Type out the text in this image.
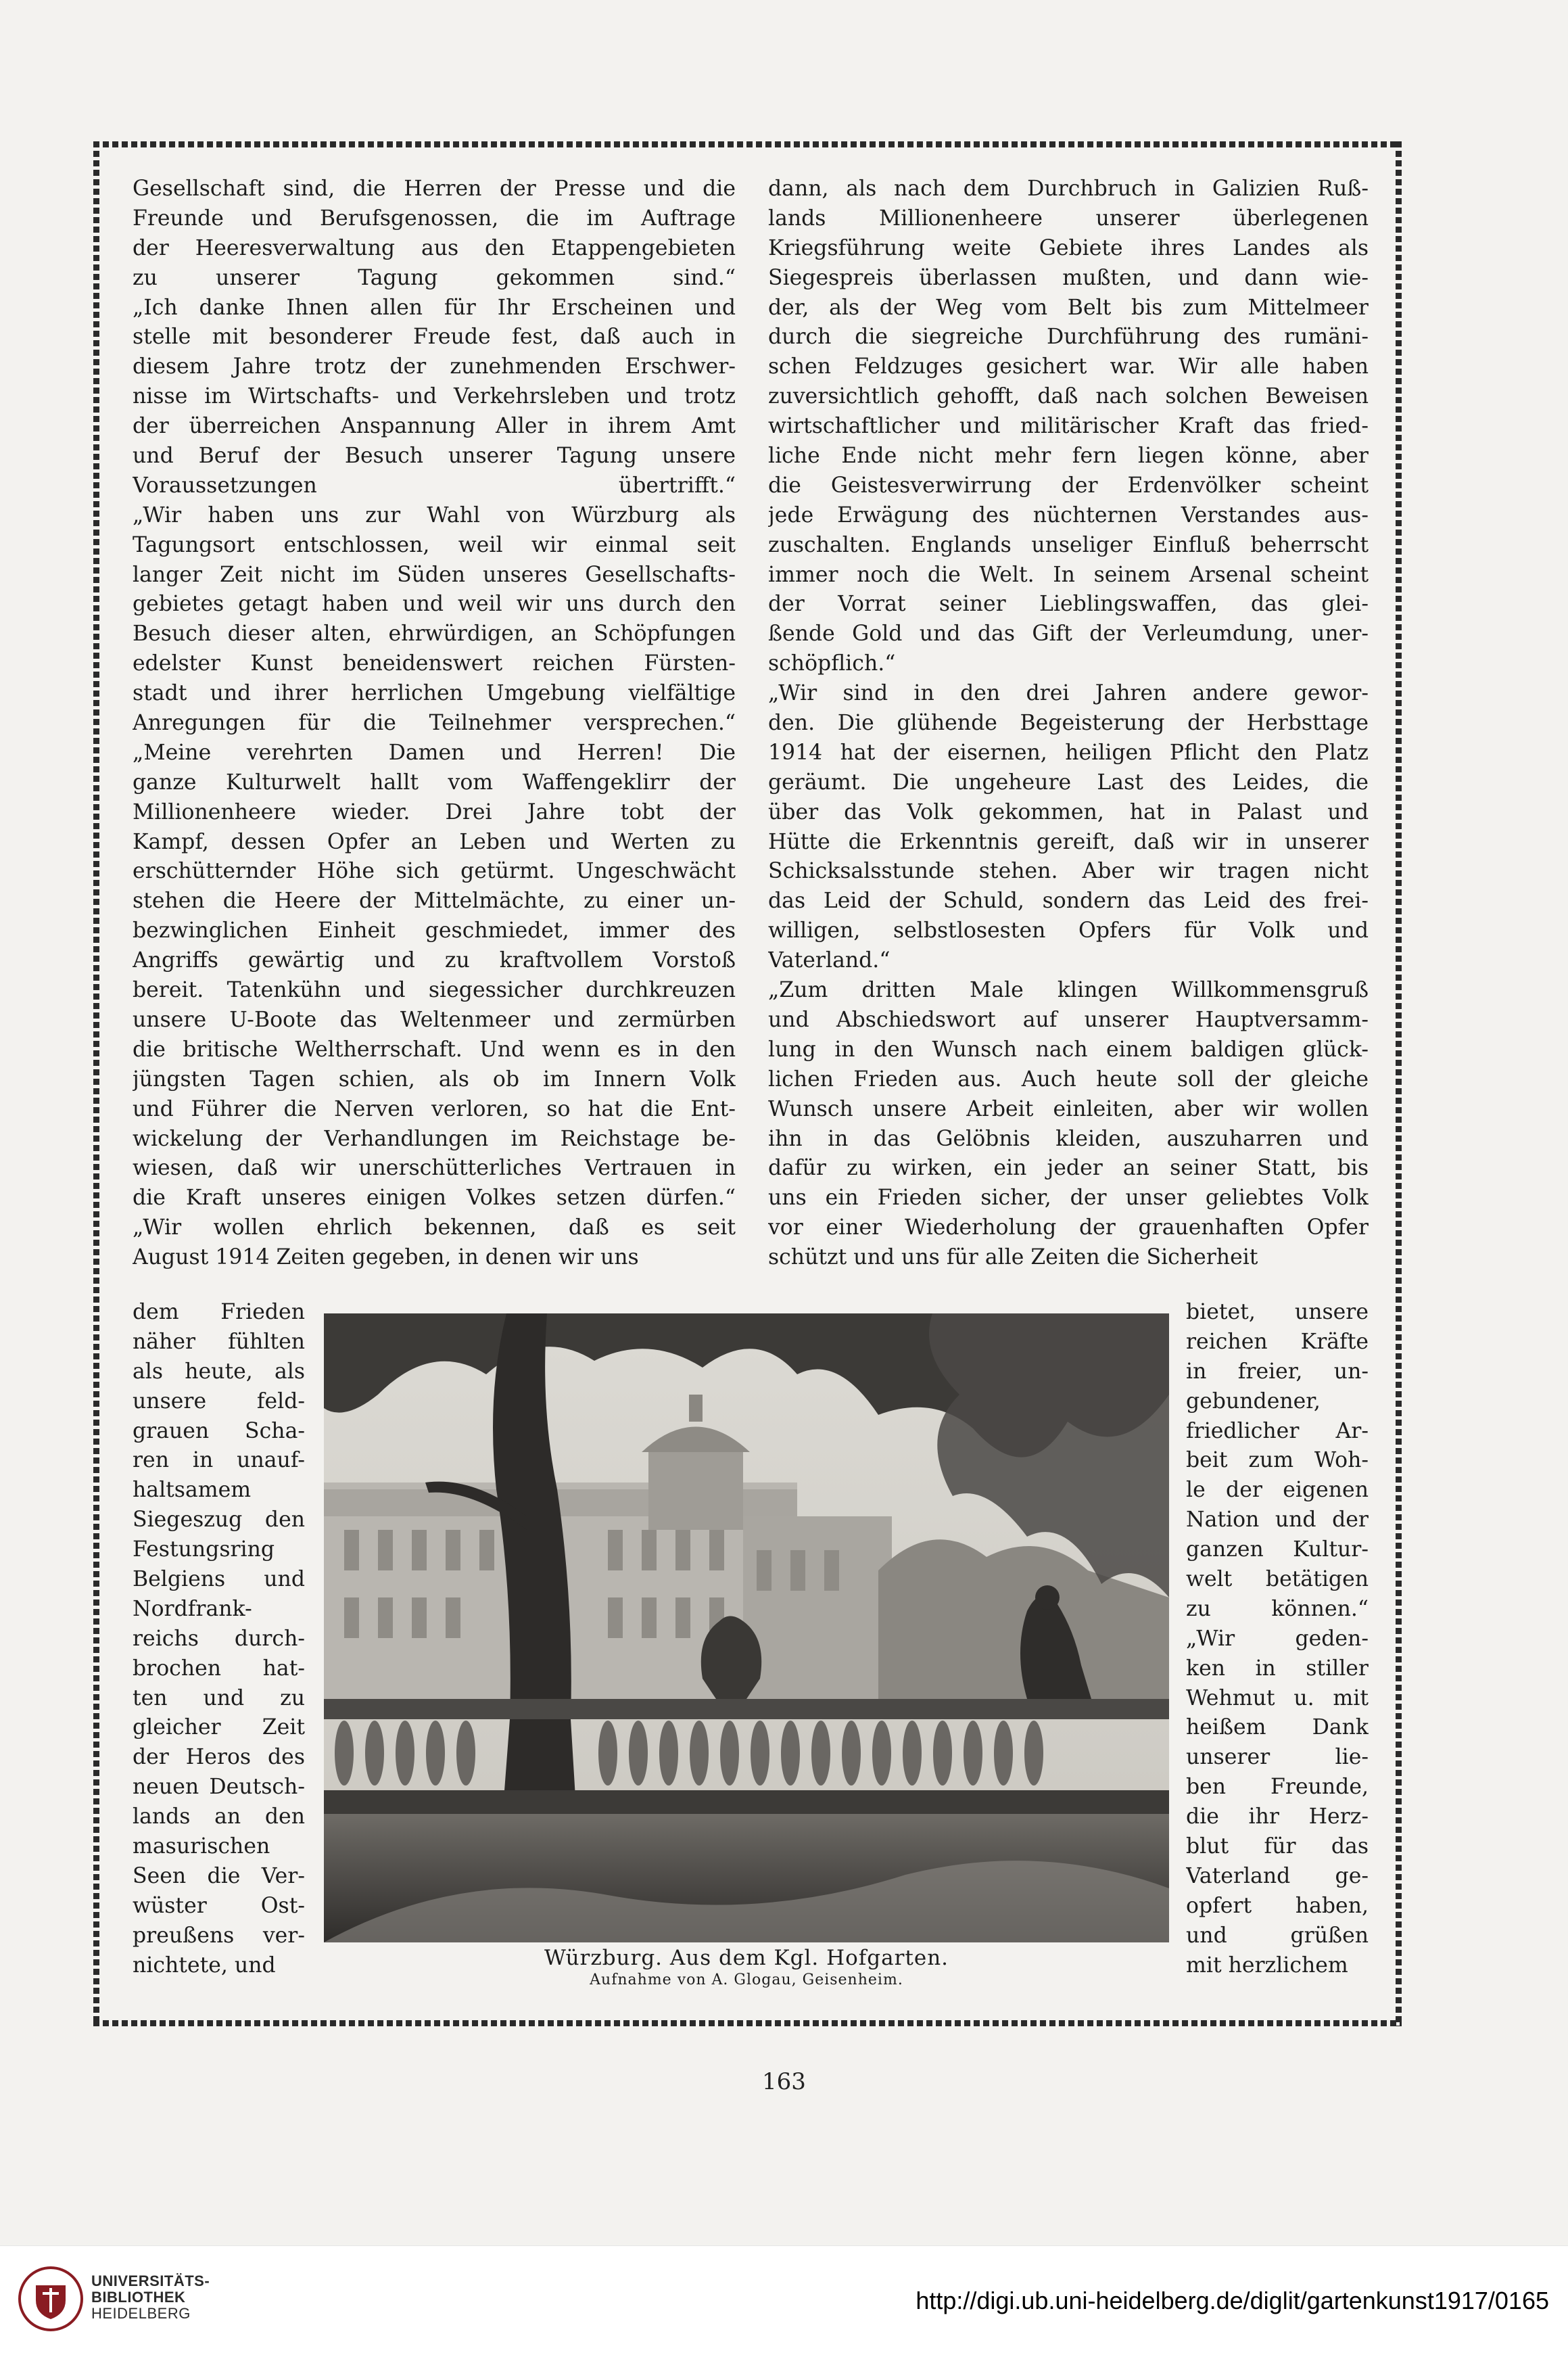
Gesellschaft sind, die Herren der Presse und die
Freunde und Berufsgenossen, die im Auftrage
der Heeresverwaltung aus den Etappengebieten
zu unserer Tagung gekommen sind.“
„Ich danke Ihnen allen für Ihr Erscheinen und
stelle mit besonderer Freude fest, daß auch in
diesem Jahre trotz der zunehmenden Erschwer-
nisse im Wirtschafts- und Verkehrsleben und trotz
der überreichen Anspannung Aller in ihrem Amt
und Beruf der Besuch unserer Tagung unsere
Voraussetzungen übertrifft.“
„Wir haben uns zur Wahl von Würzburg als
Tagungsort entschlossen, weil wir einmal seit
langer Zeit nicht im Süden unseres Gesellschafts-
gebietes getagt haben und weil wir uns durch den
Besuch dieser alten, ehrwürdigen, an Schöpfungen
edelster Kunst beneidenswert reichen Fürsten-
stadt und ihrer herrlichen Umgebung vielfältige
Anregungen für die Teilnehmer versprechen.“
„Meine verehrten Damen und Herren! Die
ganze Kulturwelt hallt vom Waffengeklirr der
Millionenheere wieder. Drei Jahre tobt der
Kampf, dessen Opfer an Leben und Werten zu
erschütternder Höhe sich getürmt. Ungeschwächt
stehen die Heere der Mittelmächte, zu einer un-
bezwinglichen Einheit geschmiedet, immer des
Angriffs gewärtig und zu kraftvollem Vorstoß
bereit. Tatenkühn und siegessicher durchkreuzen
unsere U-Boote das Weltenmeer und zermürben
die britische Weltherrschaft. Und wenn es in den
jüngsten Tagen schien, als ob im Innern Volk
und Führer die Nerven verloren, so hat die Ent-
wickelung der Verhandlungen im Reichstage be-
wiesen, daß wir unerschütterliches Vertrauen in
die Kraft unseres einigen Volkes setzen dürfen.“
„Wir wollen ehrlich bekennen, daß es seit
August 1914 Zeiten gegeben, in denen wir uns
dann, als nach dem Durchbruch in Galizien Ruß-
lands Millionenheere unserer überlegenen
Kriegsführung weite Gebiete ihres Landes als
Siegespreis überlassen mußten, und dann wie-
der, als der Weg vom Belt bis zum Mittelmeer
durch die siegreiche Durchführung des rumäni-
schen Feldzuges gesichert war. Wir alle haben
zuversichtlich gehofft, daß nach solchen Beweisen
wirtschaftlicher und militärischer Kraft das fried-
liche Ende nicht mehr fern liegen könne, aber
die Geistesverwirrung der Erdenvölker scheint
jede Erwägung des nüchternen Verstandes aus-
zuschalten. Englands unseliger Einfluß beherrscht
immer noch die Welt. In seinem Arsenal scheint
der Vorrat seiner Lieblingswaffen, das glei-
ßende Gold und das Gift der Verleumdung, uner-
schöpflich.“
„Wir sind in den drei Jahren andere gewor-
den. Die glühende Begeisterung der Herbsttage
1914 hat der eisernen, heiligen Pflicht den Platz
geräumt. Die ungeheure Last des Leides, die
über das Volk gekommen, hat in Palast und
Hütte die Erkenntnis gereift, daß wir in unserer
Schicksalsstunde stehen. Aber wir tragen nicht
das Leid der Schuld, sondern das Leid des frei-
willigen, selbstlosesten Opfers für Volk und
Vaterland.“
„Zum dritten Male klingen Willkommensgruß
und Abschiedswort auf unserer Hauptversamm-
lung in den Wunsch nach einem baldigen glück-
lichen Frieden aus. Auch heute soll der gleiche
Wunsch unsere Arbeit einleiten, aber wir wollen
ihn in das Gelöbnis kleiden, auszuharren und
dafür zu wirken, ein jeder an seiner Statt, bis
uns ein Frieden sicher, der unser geliebtes Volk
vor einer Wiederholung der grauenhaften Opfer
schützt und uns für alle Zeiten die Sicherheit
dem Frieden
näher fühlten
als heute, als
unsere feld-
grauen Scha-
ren in unauf-
haltsamem
Siegeszug den
Festungsring
Belgiens und
Nordfrank-
reichs durch-
brochen hat-
ten und zu
gleicher Zeit
der Heros des
neuen Deutsch-
lands an den
masurischen
Seen die Ver-
wüster Ost-
preußens ver-
nichtete, und
bietet, unsere
reichen Kräfte
in freier, un-
gebundener,
friedlicher Ar-
beit zum Woh-
le der eigenen
Nation und der
ganzen Kultur-
welt betätigen
zu können.“
„Wir geden-
ken in stiller
Wehmut u. mit
heißem Dank
unserer lie-
ben Freunde,
die ihr Herz-
blut für das
Vaterland ge-
opfert haben,
und grüßen
mit herzlichem
Würzburg. Aus dem Kgl. Hofgarten.
Aufnahme von A. Glogau, Geisenheim.
163
UNIVERSITÄTS-
BIBLIOTHEK
HEIDELBERG	http://digi.ub.uni-heidelberg.de/diglit/gartenkunst1917/0165
